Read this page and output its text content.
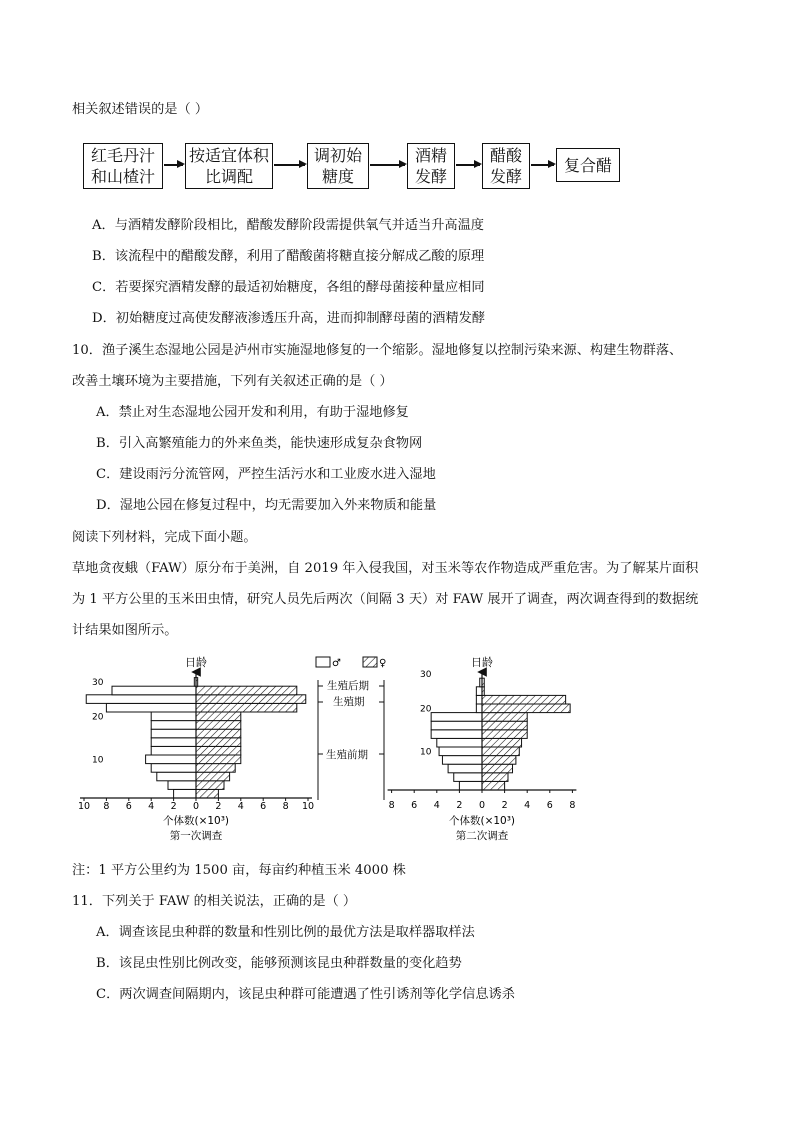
相关叙述错误的是（ ）
红毛丹汁和山楂汁
按适宜体积比调配
调初始糖度
酒精发酵
醋酸发酵
复合醋
A．与酒精发酵阶段相比，醋酸发酵阶段需提供氧气并适当升高温度
B．该流程中的醋酸发酵，利用了醋酸菌将糖直接分解成乙酸的原理
C．若要探究酒精发酵的最适初始糖度，各组的酵母菌接种量应相同
D．初始糖度过高使发酵液渗透压升高，进而抑制酵母菌的酒精发酵
10．渔子溪生态湿地公园是泸州市实施湿地修复的一个缩影。湿地修复以控制污染来源、构建生物群落、
改善土壤环境为主要措施，下列有关叙述正确的是（ ）
A．禁止对生态湿地公园开发和利用，有助于湿地修复
B．引入高繁殖能力的外来鱼类，能快速形成复杂食物网
C．建设雨污分流管网，严控生活污水和工业废水进入湿地
D．湿地公园在修复过程中，均无需要加入外来物质和能量
阅读下列材料，完成下面小题。
草地贪夜蛾（FAW）原分布于美洲，自 2019 年入侵我国，对玉米等农作物造成严重危害。为了解某片面积
为 1 平方公里的玉米田虫情，研究人员先后两次（间隔 3 天）对 FAW 展开了调查，两次调查得到的数据统
计结果如图所示。
♂	♀
生殖后期
生殖期
生殖前期
日龄
10 8 6 4 2 0 2 4 6 8 10
30
20
10
个体数(×10³)
第一次调查
日龄
8 6 4 2 0 2 4 6 8
30
20
10
个体数(×10³)
第二次调查
注：1 平方公里约为 1500 亩，每亩约种植玉米 4000 株
11．下列关于 FAW 的相关说法，正确的是（ ）
A．调查该昆虫种群的数量和性别比例的最优方法是取样器取样法
B．该昆虫性别比例改变，能够预测该昆虫种群数量的变化趋势
C．两次调查间隔期内，该昆虫种群可能遭遇了性引诱剂等化学信息诱杀
